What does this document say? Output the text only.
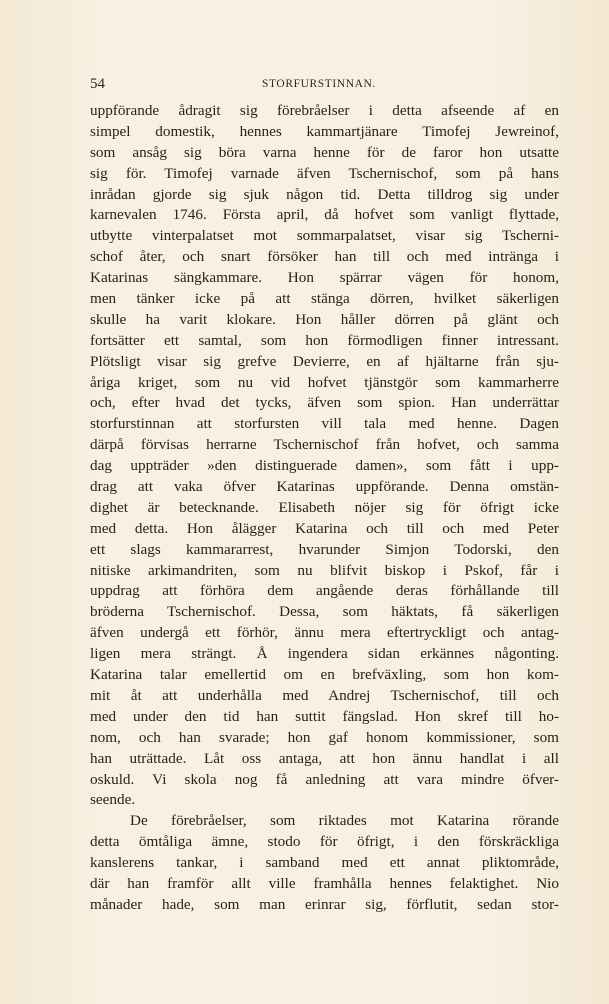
54	STORFURSTINNAN.
uppförande ådragit sig förebråelser i detta afseende af en
simpel domestik, hennes kammartjänare Timofej Jewreinof,
som ansåg sig böra varna henne för de faror hon utsatte
sig för. Timofej varnade äfven Tschernischof, som på hans
inrådan gjorde sig sjuk någon tid. Detta tilldrog sig under
karnevalen 1746. Första april, då hofvet som vanligt flyttade,
utbytte vinterpalatset mot sommarpalatset, visar sig Tscherni-
schof åter, och snart försöker han till och med intränga i
Katarinas sängkammare. Hon spärrar vägen för honom,
men tänker icke på att stänga dörren, hvilket säkerligen
skulle ha varit klokare. Hon håller dörren på glänt och
fortsätter ett samtal, som hon förmodligen finner intressant.
Plötsligt visar sig grefve Devierre, en af hjältarne från sju-
åriga kriget, som nu vid hofvet tjänstgör som kammarherre
och, efter hvad det tycks, äfven som spion. Han underrättar
storfurstinnan att storfursten vill tala med henne. Dagen
därpå förvisas herrarne Tschernischof från hofvet, och samma
dag uppträder »den distinguerade damen», som fått i upp-
drag att vaka öfver Katarinas uppförande. Denna omstän-
dighet är betecknande. Elisabeth nöjer sig för öfrigt icke
med detta. Hon ålägger Katarina och till och med Peter
ett slags kammararrest, hvarunder Simjon Todorski, den
nitiske arkimandriten, som nu blifvit biskop i Pskof, får i
uppdrag att förhöra dem angående deras förhållande till
bröderna Tschernischof. Dessa, som häktats, få säkerligen
äfven undergå ett förhör, ännu mera eftertryckligt och antag-
ligen mera strängt. Å ingendera sidan erkännes någonting.
Katarina talar emellertid om en brefväxling, som hon kom-
mit åt att underhålla med Andrej Tschernischof, till och
med under den tid han suttit fängslad. Hon skref till ho-
nom, och han svarade; hon gaf honom kommissioner, som
han uträttade. Låt oss antaga, att hon ännu handlat i all
oskuld. Vi skola nog få anledning att vara mindre öfver-
seende.
De förebråelser, som riktades mot Katarina rörande
detta ömtåliga ämne, stodo för öfrigt, i den förskräckliga
kanslerens tankar, i samband med ett annat pliktområde,
där han framför allt ville framhålla hennes felaktighet. Nio
månader hade, som man erinrar sig, förflutit, sedan stor-
